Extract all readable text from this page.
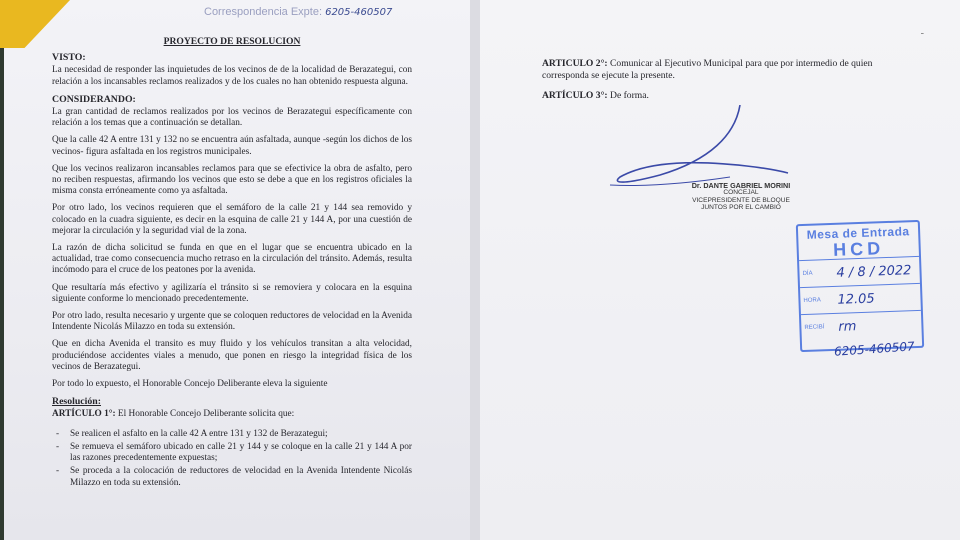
Correspondencia Expte: 6205-460507
PROYECTO DE RESOLUCION
VISTO:
La necesidad de responder las inquietudes de los vecinos de de la localidad de Berazategui, con relación a los incansables reclamos realizados y de los cuales no han obtenido respuesta alguna.
CONSIDERANDO:
La gran cantidad de reclamos realizados por los vecinos de Berazategui específicamente con relación a los temas que a continuación se detallan.
Que la calle 42 A entre 131 y 132 no se encuentra aún asfaltada, aunque -según los dichos de los vecinos- figura asfaltada en los registros municipales.
Que los vecinos realizaron incansables reclamos para que se efectivice la obra de asfalto, pero no reciben respuestas, afirmando los vecinos que esto se debe a que en los registros oficiales la misma consta erróneamente como ya asfaltada.
Por otro lado, los vecinos requieren que el semáforo de la calle 21 y 144 sea removido y colocado en la cuadra siguiente, es decir en la esquina de calle 21 y 144 A, por una cuestión de mejorar la circulación y la seguridad vial de la zona.
La razón de dicha solicitud se funda en que en el lugar que se encuentra ubicado en la actualidad, trae como consecuencia mucho retraso en la circulación del tránsito. Además, resulta incómodo para el cruce de los peatones por la avenida.
Que resultaría más efectivo y agilizaría el tránsito si se removiera y colocara en la esquina siguiente conforme lo mencionado precedentemente.
Por otro lado, resulta necesario y urgente que se coloquen reductores de velocidad en la Avenida Intendente Nicolás Milazzo en toda su extensión.
Que en dicha Avenida el transito es muy fluido y los vehículos transitan a alta velocidad, produciéndose accidentes viales a menudo, que ponen en riesgo la integridad física de los vecinos de Berazategui.
Por todo lo expuesto, el Honorable Concejo Deliberante eleva la siguiente
Resolución:
ARTÍCULO 1°: El Honorable Concejo Deliberante solicita que:
- Se realicen el asfalto en la calle 42 A entre 131 y 132 de Berazategui;
- Se remueva el semáforo ubicado en calle 21 y 144 y se coloque en la calle 21 y 144 A por las razones precedentemente expuestas;
- Se proceda a la colocación de reductores de velocidad en la Avenida Intendente Nicolás Milazzo en toda su extensión.
-

ARTICULO 2°: Comunicar al Ejecutivo Municipal para que por intermedio de quien corresponda se ejecute la presente.

ARTÍCULO 3°: De forma.

Dr. DANTE GABRIEL MORINI
CONCEJAL
VICEPRESIDENTE DE BLOQUE
JUNTOS POR EL CAMBIO
Mesa de Entrada
HCD
DÍA	4 / 8 / 2022
HORA	12.05
RECIBÍ	rm
6205-460507
